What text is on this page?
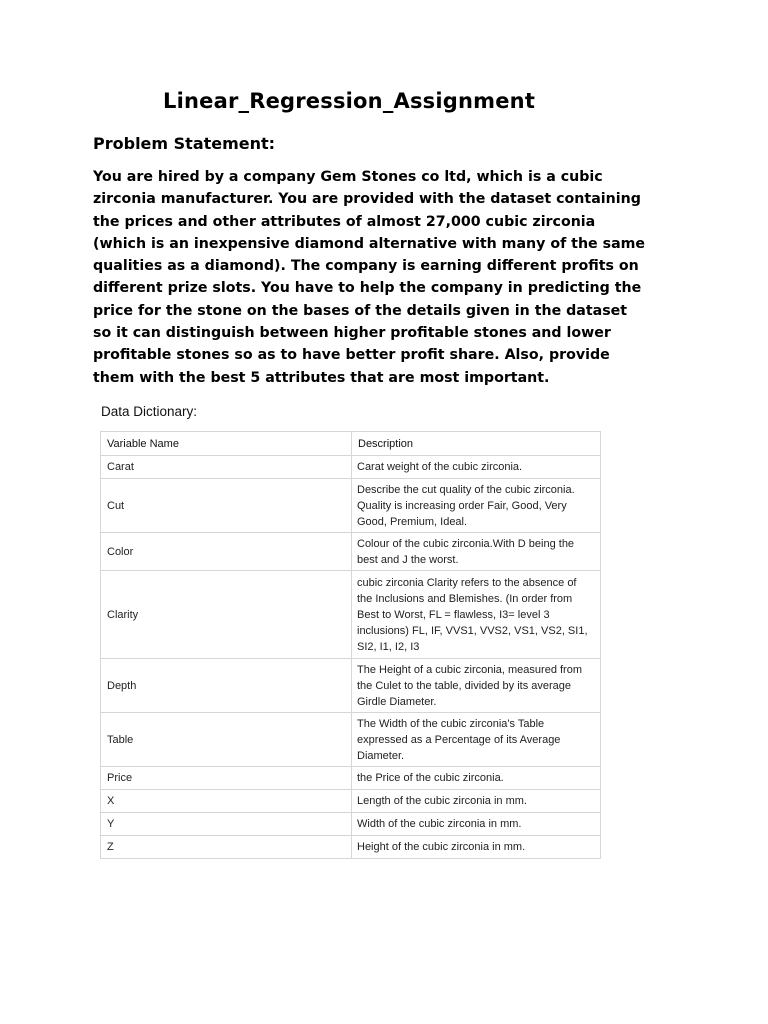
Linear_Regression_Assignment
Problem Statement:

You are hired by a company Gem Stones co ltd, which is a cubic
zirconia manufacturer. You are provided with the dataset containing
the prices and other attributes of almost 27,000 cubic zirconia
(which is an inexpensive diamond alternative with many of the same
qualities as a diamond). The company is earning different profits on
different prize slots. You have to help the company in predicting the
price for the stone on the bases of the details given in the dataset
so it can distinguish between higher profitable stones and lower
profitable stones so as to have better profit share. Also, provide
them with the best 5 attributes that are most important.

Data Dictionary:
Variable Name	Description
Carat	Carat weight of the cubic zirconia.
Cut	Describe the cut quality of the cubic zirconia. Quality is increasing order Fair, Good, Very Good, Premium, Ideal.
Color	Colour of the cubic zirconia.With D being the best and J the worst.
Clarity	cubic zirconia Clarity refers to the absence of the Inclusions and Blemishes. (In order from Best to Worst, FL = flawless, I3= level 3 inclusions) FL, IF, VVS1, VVS2, VS1, VS2, SI1, SI2, I1, I2, I3
Depth	The Height of a cubic zirconia, measured from the Culet to the table, divided by its average Girdle Diameter.
Table	The Width of the cubic zirconia's Table expressed as a Percentage of its Average Diameter.
Price	the Price of the cubic zirconia.
X	Length of the cubic zirconia in mm.
Y	Width of the cubic zirconia in mm.
Z	Height of the cubic zirconia in mm.
